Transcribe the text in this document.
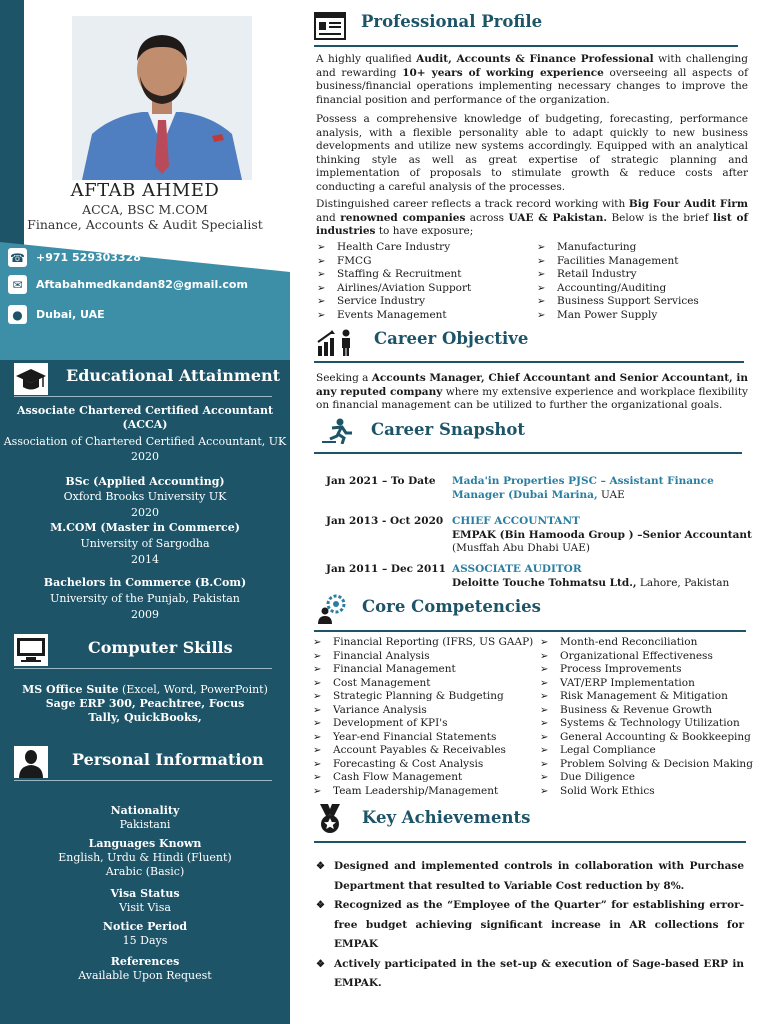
AFTAB AHMED
ACCA, BSC M.COM
Finance, Accounts & Audit Specialist
☎ +971 529303328
✉	Aftabahmedkandan82@gmail.com
●	Dubai, UAE
Educational Attainment
Associate Chartered Certified Accountant (ACCA)
Association of Chartered Certified Accountant, UK
2020
BSc (Applied Accounting)
Oxford Brooks University UK
2020
M.COM (Master in Commerce)
University of Sargodha
2014
Bachelors in Commerce (B.Com)
University of the Punjab, Pakistan
2009
Computer Skills
MS Office Suite (Excel, Word, PowerPoint)
Sage ERP 300, Peachtree, Focus
Tally, QuickBooks,
Personal Information
Nationality
Pakistani
Languages Known
English, Urdu & Hindi (Fluent)
Arabic (Basic)
Visa Status
Visit Visa
Notice Period
15 Days
References
Available Upon Request
Professional Profile
A highly qualified Audit, Accounts & Finance Professional with challenging and rewarding 10+ years of working experience overseeing all aspects of business/financial operations implementing necessary changes to improve the financial position and performance of the organization.
Possess a comprehensive knowledge of budgeting, forecasting, performance analysis, with a flexible personality able to adapt quickly to new business developments and utilize new systems accordingly. Equipped with an analytical thinking style as well as great expertise of strategic planning and implementation of proposals to stimulate growth & reduce costs after conducting a careful analysis of the processes.
Distinguished career reflects a track record working with Big Four Audit Firm and renowned companies across UAE & Pakistan. Below is the brief list of industries to have exposure;
➢ Health Care Industry
➢ FMCG
➢ Staffing & Recruitment
➢ Airlines/Aviation Support
➢ Service Industry
➢ Events Management
➢ Manufacturing
➢ Facilities Management
➢ Retail Industry
➢ Accounting/Auditing
➢ Business Support Services
➢ Man Power Supply
Career Objective
Seeking a Accounts Manager, Chief Accountant and Senior Accountant, in any reputed company where my extensive experience and workplace flexibility on financial management can be utilized to further the organizational goals.
Career Snapshot
Jan 2021 – To Date Mada'in Properties PJSC – Assistant Finance
Manager (Dubai Marina, UAE
Jan 2013 - Oct 2020 CHIEF ACCOUNTANT
EMPAK (Bin Hamooda Group ) –Senior Accountant
(Musffah Abu Dhabi UAE)
Jan 2011 – Dec 2011 ASSOCIATE AUDITOR
Deloitte Touche Tohmatsu Ltd., Lahore, Pakistan
Core Competencies
➢ Financial Reporting (IFRS, US GAAP)
➢ Financial Analysis
➢ Financial Management
➢ Cost Management
➢ Strategic Planning & Budgeting
➢ Variance Analysis
➢ Development of KPI's
➢ Year-end Financial Statements
➢ Account Payables & Receivables
➢ Forecasting & Cost Analysis
➢ Cash Flow Management
➢ Team Leadership/Management
➢ Month-end Reconciliation
➢ Organizational Effectiveness
➢ Process Improvements
➢ VAT/ERP Implementation
➢ Risk Management & Mitigation
➢ Business & Revenue Growth
➢ Systems & Technology Utilization
➢ General Accounting & Bookkeeping
➢ Legal Compliance
➢ Problem Solving & Decision Making
➢ Due Diligence
➢ Solid Work Ethics
Key Achievements
❖ Designed and implemented controls in collaboration with Purchase Department that resulted to Variable Cost reduction by 8%.
❖ Recognized as the “Employee of the Quarter” for establishing error-free budget achieving significant increase in AR collections for EMPAK
❖ Actively participated in the set-up & execution of Sage-based ERP in EMPAK.
